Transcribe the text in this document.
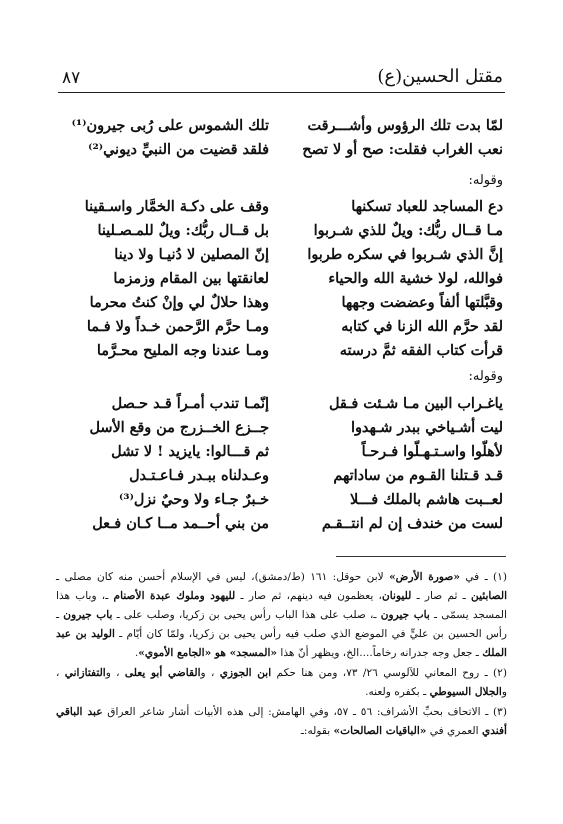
٨٧	مقتل الحسين(ع)
لمّا بدت تلك الرؤوس وأشـــرقت
نعب الغراب فقلت: صح أو لا تصح
تلك الشموس على رُبى جيرون⁽¹⁾
فلقد قضيت من النبيِّ ديوني⁽²⁾
وقوله:
دع المساجد للعباد تسكنها
مـا قــال ربُّك: ويلٌ للذي شـربوا
إنَّ الذي شـربوا في سكره طربوا
فوالله، لولا خشية الله والحياء
وقبَّلتها ألفاً وعضضت وجهها
لقد حرَّم الله الزنا في كتابه
قرأت كتاب الفقه ثمَّ درسته
وقف على دكـة الخمَّار واسـقينا
بل قــال ربُّك: ويلٌ للمـصـلينا
إنّ المصلين لا دُنيـا ولا دينا
لعانقتها بين المقام وزمزما
وهذا حلالٌ لي وإنْ كنتُ محرما
ومـا حرَّم الرَّحمن خـداً ولا فـما
ومـا عندنا وجه المليح محـرَّما
وقوله:
ياغـراب البين مـا شـئت فـقل
ليت أشـياخي ببدر شـهدوا
لأهلّوا واسـتـهـلّوا فـرحـاً
قـد قـتلنا القـوم من ساداتهم
لعــبت هاشم بالملك فـــلا
لست من خندف إن لم انتــقـم
إنّمـا تندب أمـراً قـد حـصل
جــزع الخــزرج من وقع الأسل
ثم قـــالوا: يايزيد ! لا تشل
وعـدلناه ببـدر فـاعـتـدل
خـبرٌ جـاء ولا وحيٌ نزل⁽³⁾
من بني أحــمد مــا كـان فـعل

(١) ـ في «صورة الأرض» لابن حوقل: ١٦١ (ط/دمشق)، ليس في الإسلام أحسن منه كان مصلى ـ الصابئين ـ ثم صار ـ لليونان، يعظمون فيه دينهم، ثم صار ـ لليهود وملوك عبدة الأصنام ـ، وباب هذا المسجد يسمّى ـ باب جيرون ـ، صلب على هذا الباب رأس يحيى بن زكريا، وصلب على ـ باب جيرون ـ رأس الحسين بن عليٍّ في الموضع الذي صلب فيه رأس يحيى بن زكريا، ولمّا كان أيّام ـ الوليد بن عبد الملك ـ جعل وجه جدرانه رخاماً....الخ، ويظهر أنّ هذا «المسجد» هو «الجامع الأموي».

(٢) ـ روح المعاني للآلوسي ٢٦/ ٧٣، ومن هنا حكم ابن الجوزي ، والقاضي أبو يعلى ، والتفتازاني ، والجلال السيوطي ـ بكفره ولعنه.

(٣) ـ الاتحاف بحبِّ الأشراف: ٥٦ ـ ٥٧، وفي الهامش: إلى هذه الأبيات أشار شاعر العراق عبد الباقي أفندي العمري في «الباقيات الصالحات» بقوله:ـ
